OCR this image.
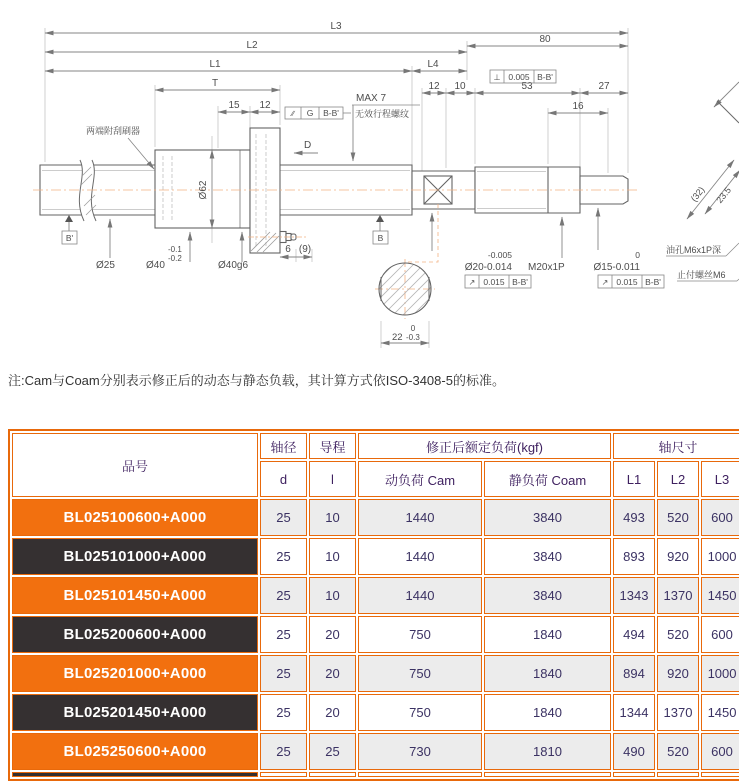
L3
L2
80
L1	L4
T
15 12
12 10	53	27
16
6 (9)
Ø62
MAX 7
无效行程螺纹
∕∕ G B-B'
D
两端附刮刷器
⊥ 0.005 B-B'
B'	B
Ø25
-0.1
-0.2
Ø40	Ø40g6
-0.005
Ø20-0.014
↗ 0.015 B-B'
M20x1P
0
Ø15-0.011
↗ 0.015 B-B'
0
22 -0.3
(32) 23.5
油孔M6x1P深
止付螺丝M6
注:Cam与Coam分别表示修正后的动态与静态负载，其计算方式依ISO-3408-5的标准。
品号	轴径	导程	修正后额定负荷(kgf)		轴尺寸		
	d	l	动负荷 Cam	静负荷 Coam	L1	L2	L3
BL025100600+A000	25	10	1440	3840	493	520	600
BL025101000+A000	25	10	1440	3840	893	920	1000
BL025101450+A000	25	10	1440	3840	1343	1370	1450
BL025200600+A000	25	20	750	1840	494	520	600
BL025201000+A000	25	20	750	1840	894	920	1000
BL025201450+A000	25	20	750	1840	1344	1370	1450
BL025250600+A000	25	25	730	1810	490	520	600
